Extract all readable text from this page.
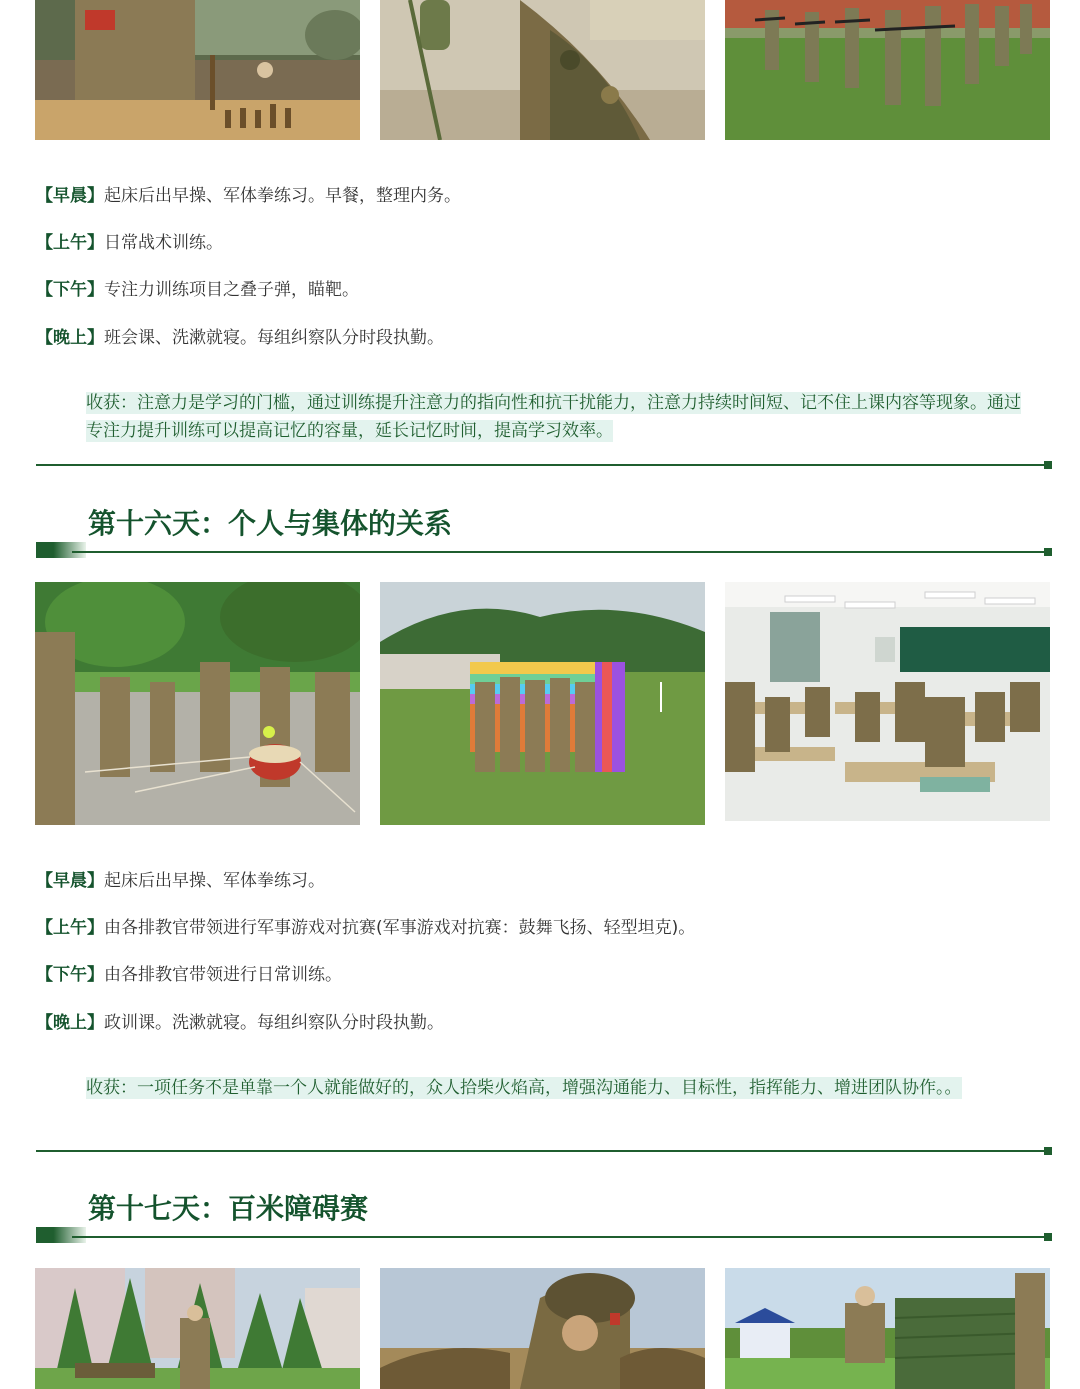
【早晨】起床后出早操、军体拳练习。早餐，整理内务。
【上午】日常战术训练。
【下午】专注力训练项目之叠子弹，瞄靶。
【晚上】班会课、洗漱就寝。每组纠察队分时段执勤。
收获：注意力是学习的门槛，通过训练提升注意力的指向性和抗干扰能力，注意力持续时间短、记不住上课内容等现象。通过专注力提升训练可以提高记忆的容量，延长记忆时间，提高学习效率。
第十六天：个人与集体的关系
【早晨】起床后出早操、军体拳练习。
【上午】由各排教官带领进行军事游戏对抗赛(军事游戏对抗赛：鼓舞飞扬、轻型坦克)。
【下午】由各排教官带领进行日常训练。
【晚上】政训课。洗漱就寝。每组纠察队分时段执勤。
收获：一项任务不是单靠一个人就能做好的，众人拾柴火焰高，增强沟通能力、目标性，指挥能力、增进团队协作。。
第十七天：百米障碍赛
